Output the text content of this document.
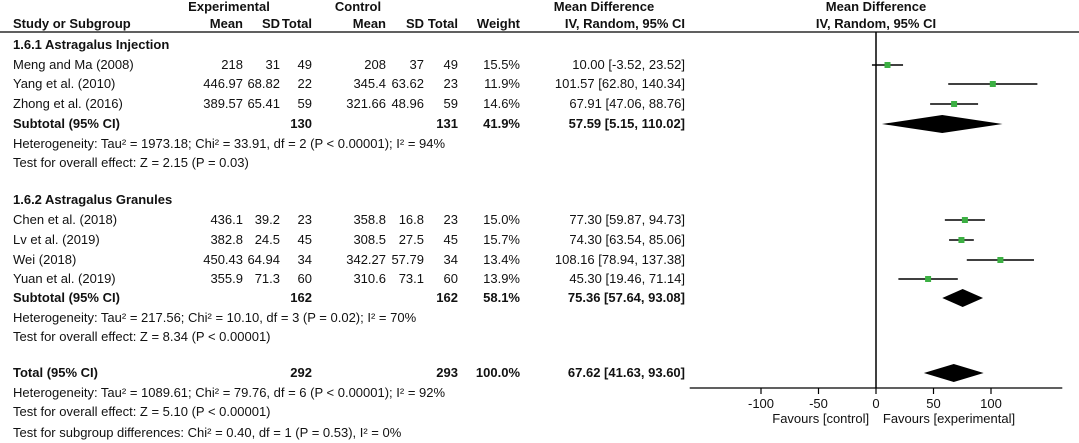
Experimental	Control	Mean Difference	Mean Difference
Study or Subgroup	Mean SD Total	Mean SD Total Weight	IV, Random, 95% CI	IV, Random, 95% CI
1.6.1 Astragalus Injection
Meng and Ma (2008)	218 31 49	208 37 49 15.5%	10.00 [-3.52, 23.52]
Yang et al. (2010)	446.97 68.82 22	345.4 63.62 23 11.9%	101.57 [62.80, 140.34]
Zhong et al. (2016)	389.57 65.41 59	321.66 48.96 59 14.6%	67.91 [47.06, 88.76]
Subtotal (95% CI)	130	131 41.9%	57.59 [5.15, 110.02]
Heterogeneity: Tau² = 1973.18; Chi² = 33.91, df = 2 (P < 0.00001); I² = 94%
Test for overall effect: Z = 2.15 (P = 0.03)
1.6.2 Astragalus Granules
Chen et al. (2018)	436.1 39.2 23	358.8 16.8 23 15.0%	77.30 [59.87, 94.73]
Lv et al. (2019)	382.8 24.5 45	308.5 27.5 45 15.7%	74.30 [63.54, 85.06]
Wei (2018)	450.43 64.94 34	342.27 57.79 34 13.4%	108.16 [78.94, 137.38]
Yuan et al. (2019)	355.9 71.3 60	310.6 73.1 60 13.9%	45.30 [19.46, 71.14]
Subtotal (95% CI)	162	162 58.1%	75.36 [57.64, 93.08]
Heterogeneity: Tau² = 217.56; Chi² = 10.10, df = 3 (P = 0.02); I² = 70%
Test for overall effect: Z = 8.34 (P < 0.00001)
Total (95% CI)	292	293 100.0%	67.62 [41.63, 93.60]
Heterogeneity: Tau² = 1089.61; Chi² = 79.76, df = 6 (P < 0.00001); I² = 92%
Test for overall effect: Z = 5.10 (P < 0.00001)
Test for subgroup differences: Chi² = 0.40, df = 1 (P = 0.53), I² = 0%
-100	-50	0	50	100
Favours [control] Favours [experimental]
